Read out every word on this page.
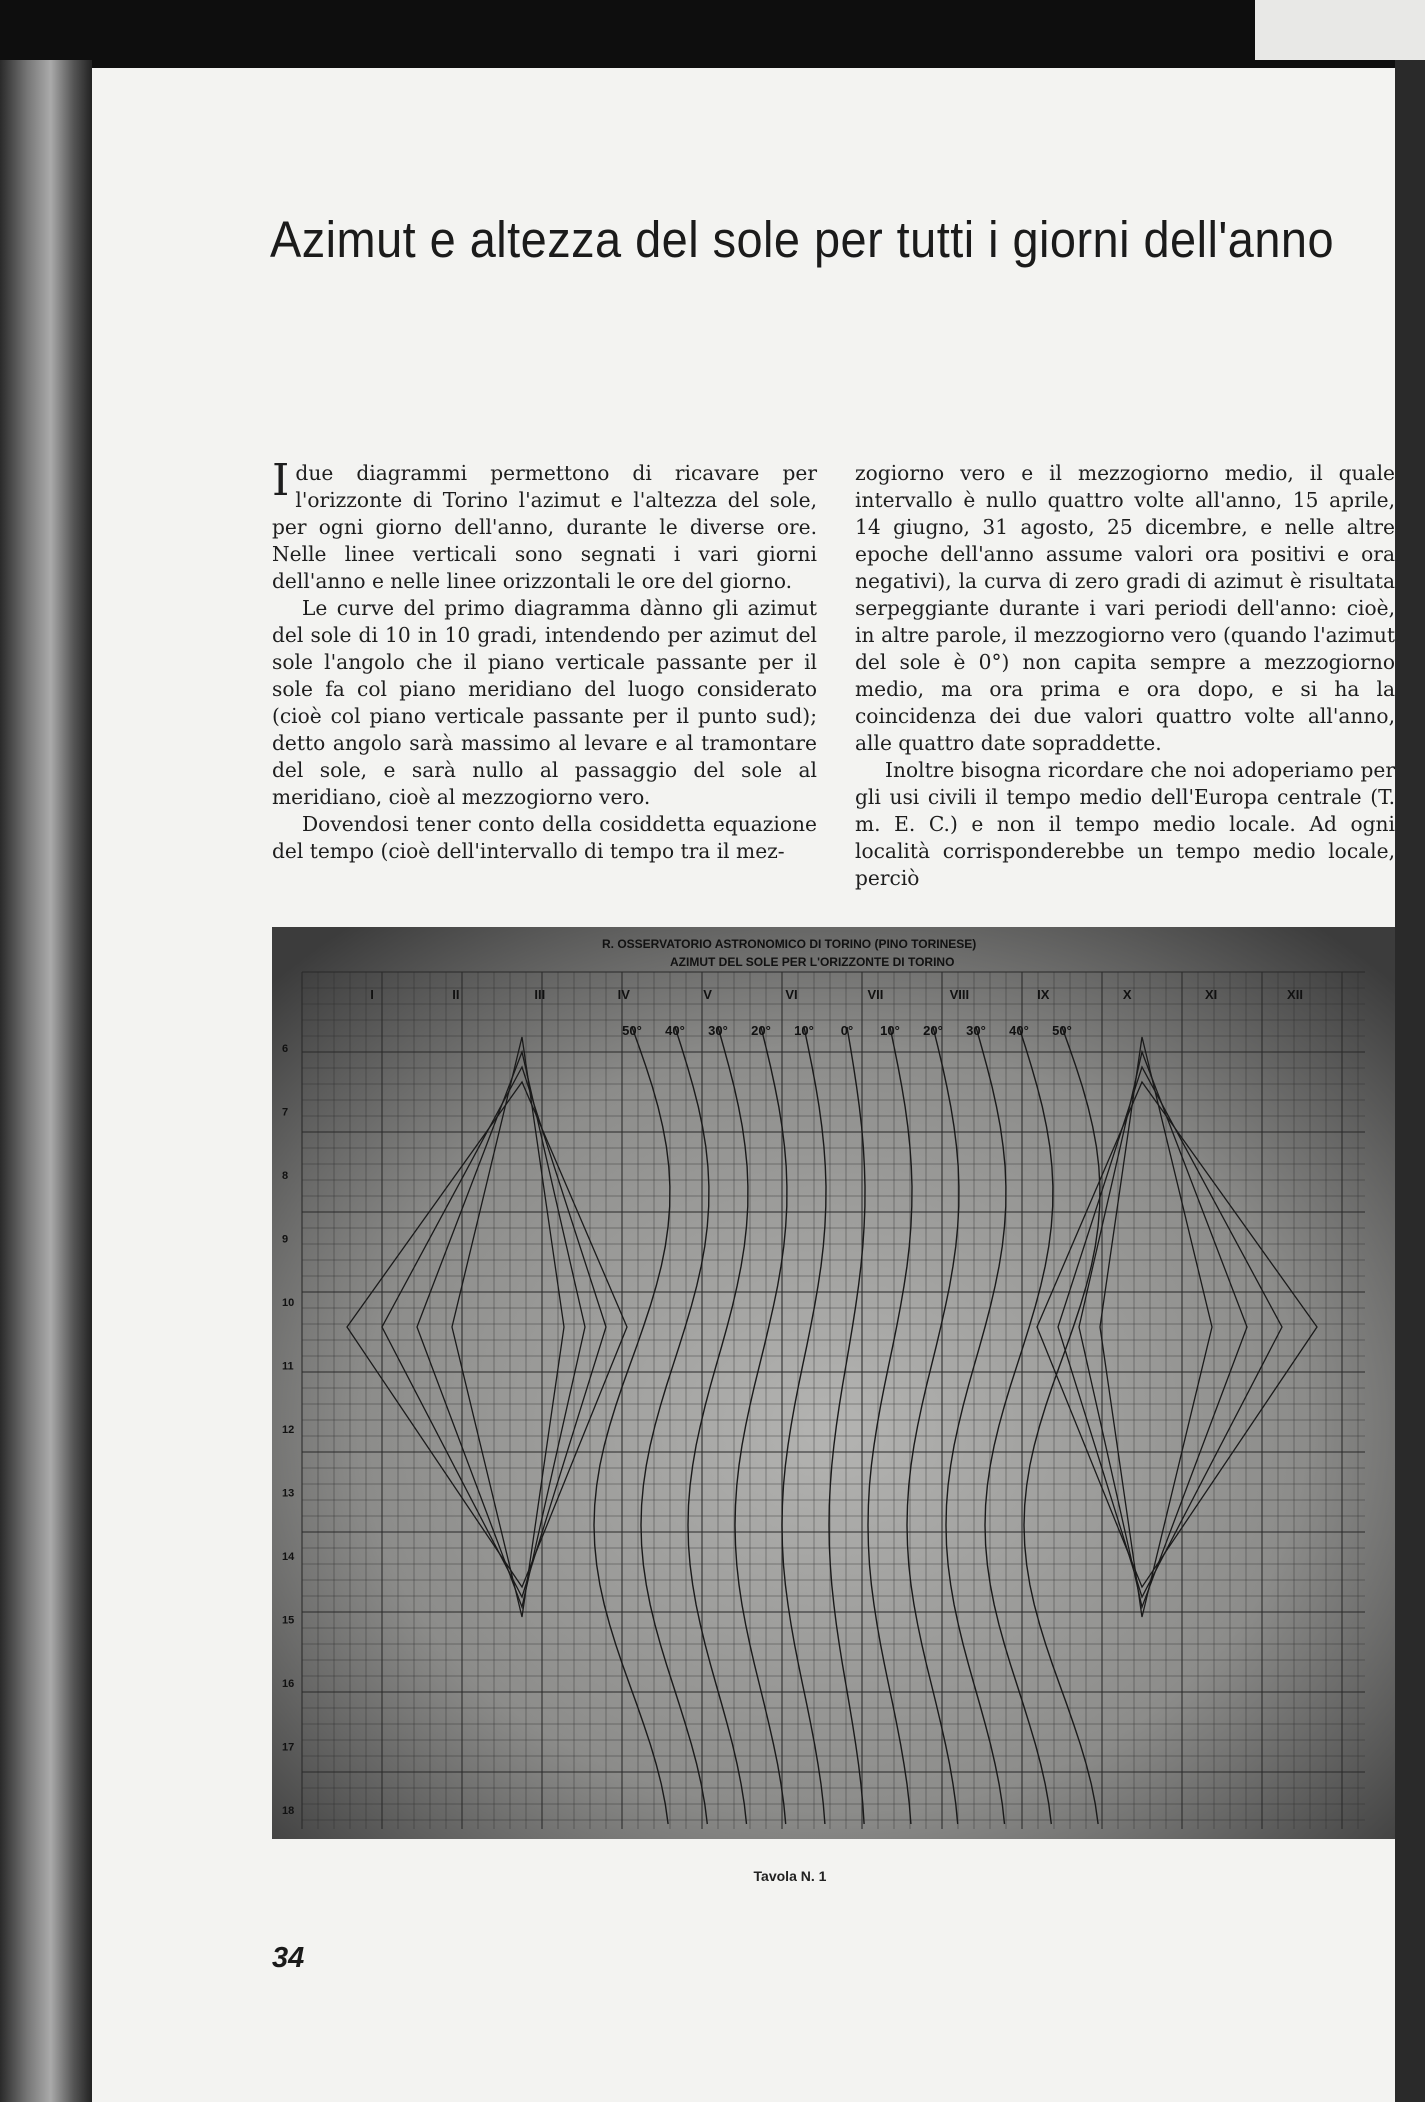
Azimut e altezza del sole per tutti i giorni dell'anno

Idue diagrammi permettono di ricavare per l'orizzonte di Torino l'azimut e l'altezza del sole, per ogni giorno dell'anno, durante le diverse ore. Nelle linee verticali sono segnati i vari giorni dell'anno e nelle linee orizzontali le ore del giorno.

Le curve del primo diagramma dànno gli azimut del sole di 10 in 10 gradi, intendendo per azimut del sole l'angolo che il piano verticale passante per il sole fa col piano meridiano del luogo considerato (cioè col piano verticale passante per il punto sud); detto angolo sarà massimo al levare e al tramontare del sole, e sarà nullo al passaggio del sole al meridiano, cioè al mezzogiorno vero.

Dovendosi tener conto della cosiddetta equazione del tempo (cioè dell'intervallo di tempo tra il mez-

zogiorno vero e il mezzogiorno medio, il quale intervallo è nullo quattro volte all'anno, 15 aprile, 14 giugno, 31 agosto, 25 dicembre, e nelle altre epoche dell'anno assume valori ora positivi e ora negativi), la curva di zero gradi di azimut è risultata serpeggiante durante i vari periodi dell'anno: cioè, in altre parole, il mezzogiorno vero (quando l'azimut del sole è 0°) non capita sempre a mezzogiorno medio, ma ora prima e ora dopo, e si ha la coincidenza dei due valori quattro volte all'anno, alle quattro date sopraddette.

Inoltre bisogna ricordare che noi adoperiamo per gli usi civili il tempo medio dell'Europa centrale (T. m. E. C.) e non il tempo medio locale. Ad ogni località corrisponderebbe un tempo medio locale, perciò

I	II	III	IV	V	VI	VII	VIII	IX	X	XI	XII
50° 40° 30° 20° 10° 0° 10° 20° 30° 40° 50°
6
7
8
9
10
11
12
13
14
15
16
17
18
R. OSSERVATORIO ASTRONOMICO DI TORINO (PINO TORINESE)
AZIMUT DEL SOLE PER L'ORIZZONTE DI TORINO
Tavola N. 1
34
